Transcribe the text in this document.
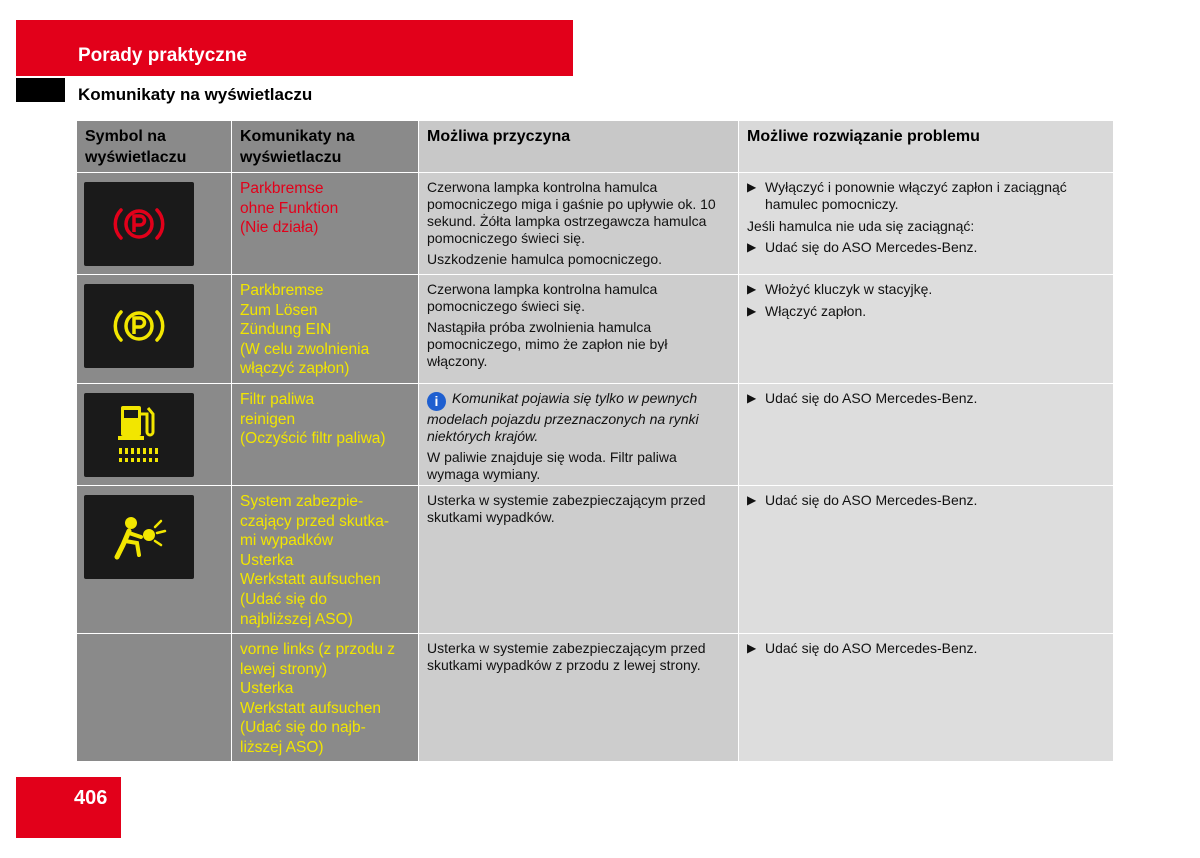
Porady praktyczne
Komunikaty na wyświetlaczu
Symbol na wyświetlaczu
Komunikaty na wyświetlaczu
Możliwa przyczyna	Możliwe rozwiązanie problemu
Parkbremse
ohne Funktion
(Nie działa)

Czerwona lampka kontrolna hamulca pomocniczego miga i gaśnie po upływie ok. 10 sekund. Żółta lampka ostrzegawcza hamulca pomocniczego świeci się.

Uszkodzenie hamulca pomocniczego.

▶ Wyłączyć i ponownie włączyć zapłon i zaciągnąć hamulec pomocniczy.
Jeśli hamulca nie uda się zaciągnąć:
▶ Udać się do ASO Mercedes-Benz.
Parkbremse
Zum Lösen
Zündung EIN
(W celu zwolnienia
włączyć zapłon)

Czerwona lampka kontrolna hamulca pomocniczego świeci się.

Nastąpiła próba zwolnienia hamulca pomocniczego, mimo że zapłon nie był włączony.

▶ Włożyć kluczyk w stacyjkę.
▶ Włączyć zapłon.
Filtr paliwa
reinigen
(Oczyścić filtr paliwa)

i Komunikat pojawia się tylko w pewnych modelach pojazdu przeznaczonych na rynki niektórych krajów.

W paliwie znajduje się woda. Filtr paliwa wymaga wymiany.

▶ Udać się do ASO Mercedes-Benz.
System zabezpie-
czający przed skutka-
mi wypadków
Usterka
Werkstatt aufsuchen
(Udać się do
najbliższej ASO)

Usterka w systemie zabezpieczającym przed skutkami wypadków.

▶ Udać się do ASO Mercedes-Benz.
vorne links (z przodu z
lewej strony)
Usterka
Werkstatt aufsuchen
(Udać się do najb-
liższej ASO)

Usterka w systemie zabezpieczającym przed skutkami wypadków z przodu z lewej strony.

▶ Udać się do ASO Mercedes-Benz.
406
